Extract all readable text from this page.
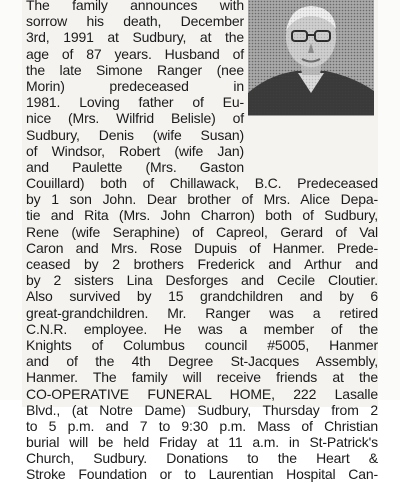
The family announces with
sorrow his death, December
3rd, 1991 at Sudbury, at the
age of 87 years. Husband of
the late Simone Ranger (nee
Morin) predeceased in
1981. Loving father of Eu-
nice (Mrs. Wilfrid Belisle) of
Sudbury, Denis (wife Susan)
of Windsor, Robert (wife Jan)
and Paulette (Mrs. Gaston
Couillard) both of Chillawack, B.C. Predeceased
by 1 son John. Dear brother of Mrs. Alice Depa-
tie and Rita (Mrs. John Charron) both of Sudbury,
Rene (wife Seraphine) of Capreol, Gerard of Val
Caron and Mrs. Rose Dupuis of Hanmer. Prede-
ceased by 2 brothers Frederick and Arthur and
by 2 sisters Lina Desforges and Cecile Cloutier.
Also survived by 15 grandchildren and by 6
great-grandchildren. Mr. Ranger was a retired
C.N.R. employee. He was a member of the
Knights of Columbus council #5005, Hanmer
and of the 4th Degree St-Jacques Assembly,
Hanmer. The family will receive friends at the
CO-OPERATIVE FUNERAL HOME, 222 Lasalle
Blvd., (at Notre Dame) Sudbury, Thursday from 2
to 5 p.m. and 7 to 9:30 p.m. Mass of Christian
burial will be held Friday at 11 a.m. in St-Patrick's
Church, Sudbury. Donations to the Heart &
Stroke Foundation or to Laurentian Hospital Can-
